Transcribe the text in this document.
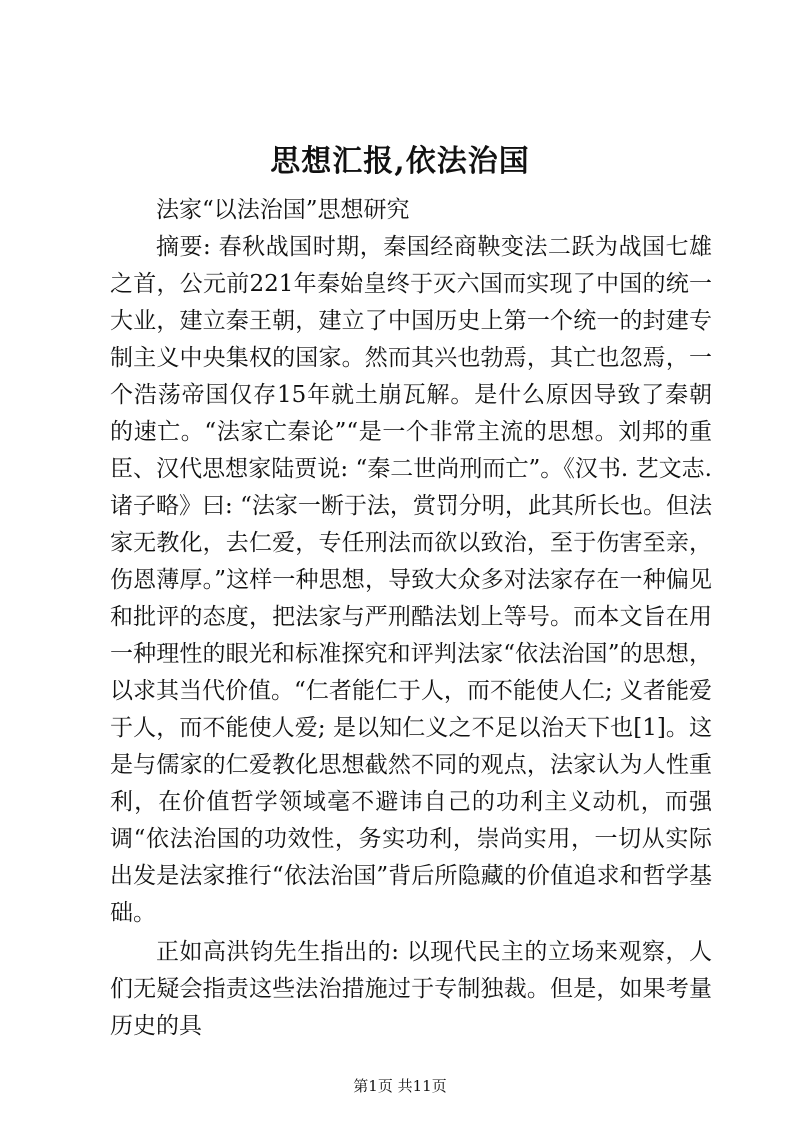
思想汇报,依法治国

法家“以法治国”思想研究

摘要: 春秋战国时期，秦国经商鞅变法二跃为战国七雄之首，公元前221年秦始皇终于灭六国而实现了中国的统一大业，建立秦王朝，建立了中国历史上第一个统一的封建专制主义中央集权的国家。然而其兴也勃焉，其亡也忽焉，一个浩荡帝国仅存15年就土崩瓦解。是什么原因导致了秦朝的速亡。“法家亡秦论”“是一个非常主流的思想。刘邦的重臣、汉代思想家陆贾说: “秦二世尚刑而亡”。《汉书. 艺文志. 诸子略》曰: “法家一断于法，赏罚分明，此其所长也。但法家无教化，去仁爱，专任刑法而欲以致治，至于伤害至亲，伤恩薄厚。”这样一种思想，导致大众多对法家存在一种偏见和批评的态度，把法家与严刑酷法划上等号。而本文旨在用一种理性的眼光和标准探究和评判法家“依法治国”的思想，以求其当代价值。“仁者能仁于人，而不能使人仁; 义者能爱于人，而不能使人爱; 是以知仁义之不足以治天下也[1]。这是与儒家的仁爱教化思想截然不同的观点，法家认为人性重利，在价值哲学领域毫不避讳自己的功利主义动机，而强调“依法治国的功效性，务实功利，崇尚实用，一切从实际出发是法家推行“依法治国”背后所隐藏的价值追求和哲学基础。

正如高洪钧先生指出的: 以现代民主的立场来观察，人们无疑会指责这些法治措施过于专制独裁。但是，如果考量历史的具

第1页 共11页
